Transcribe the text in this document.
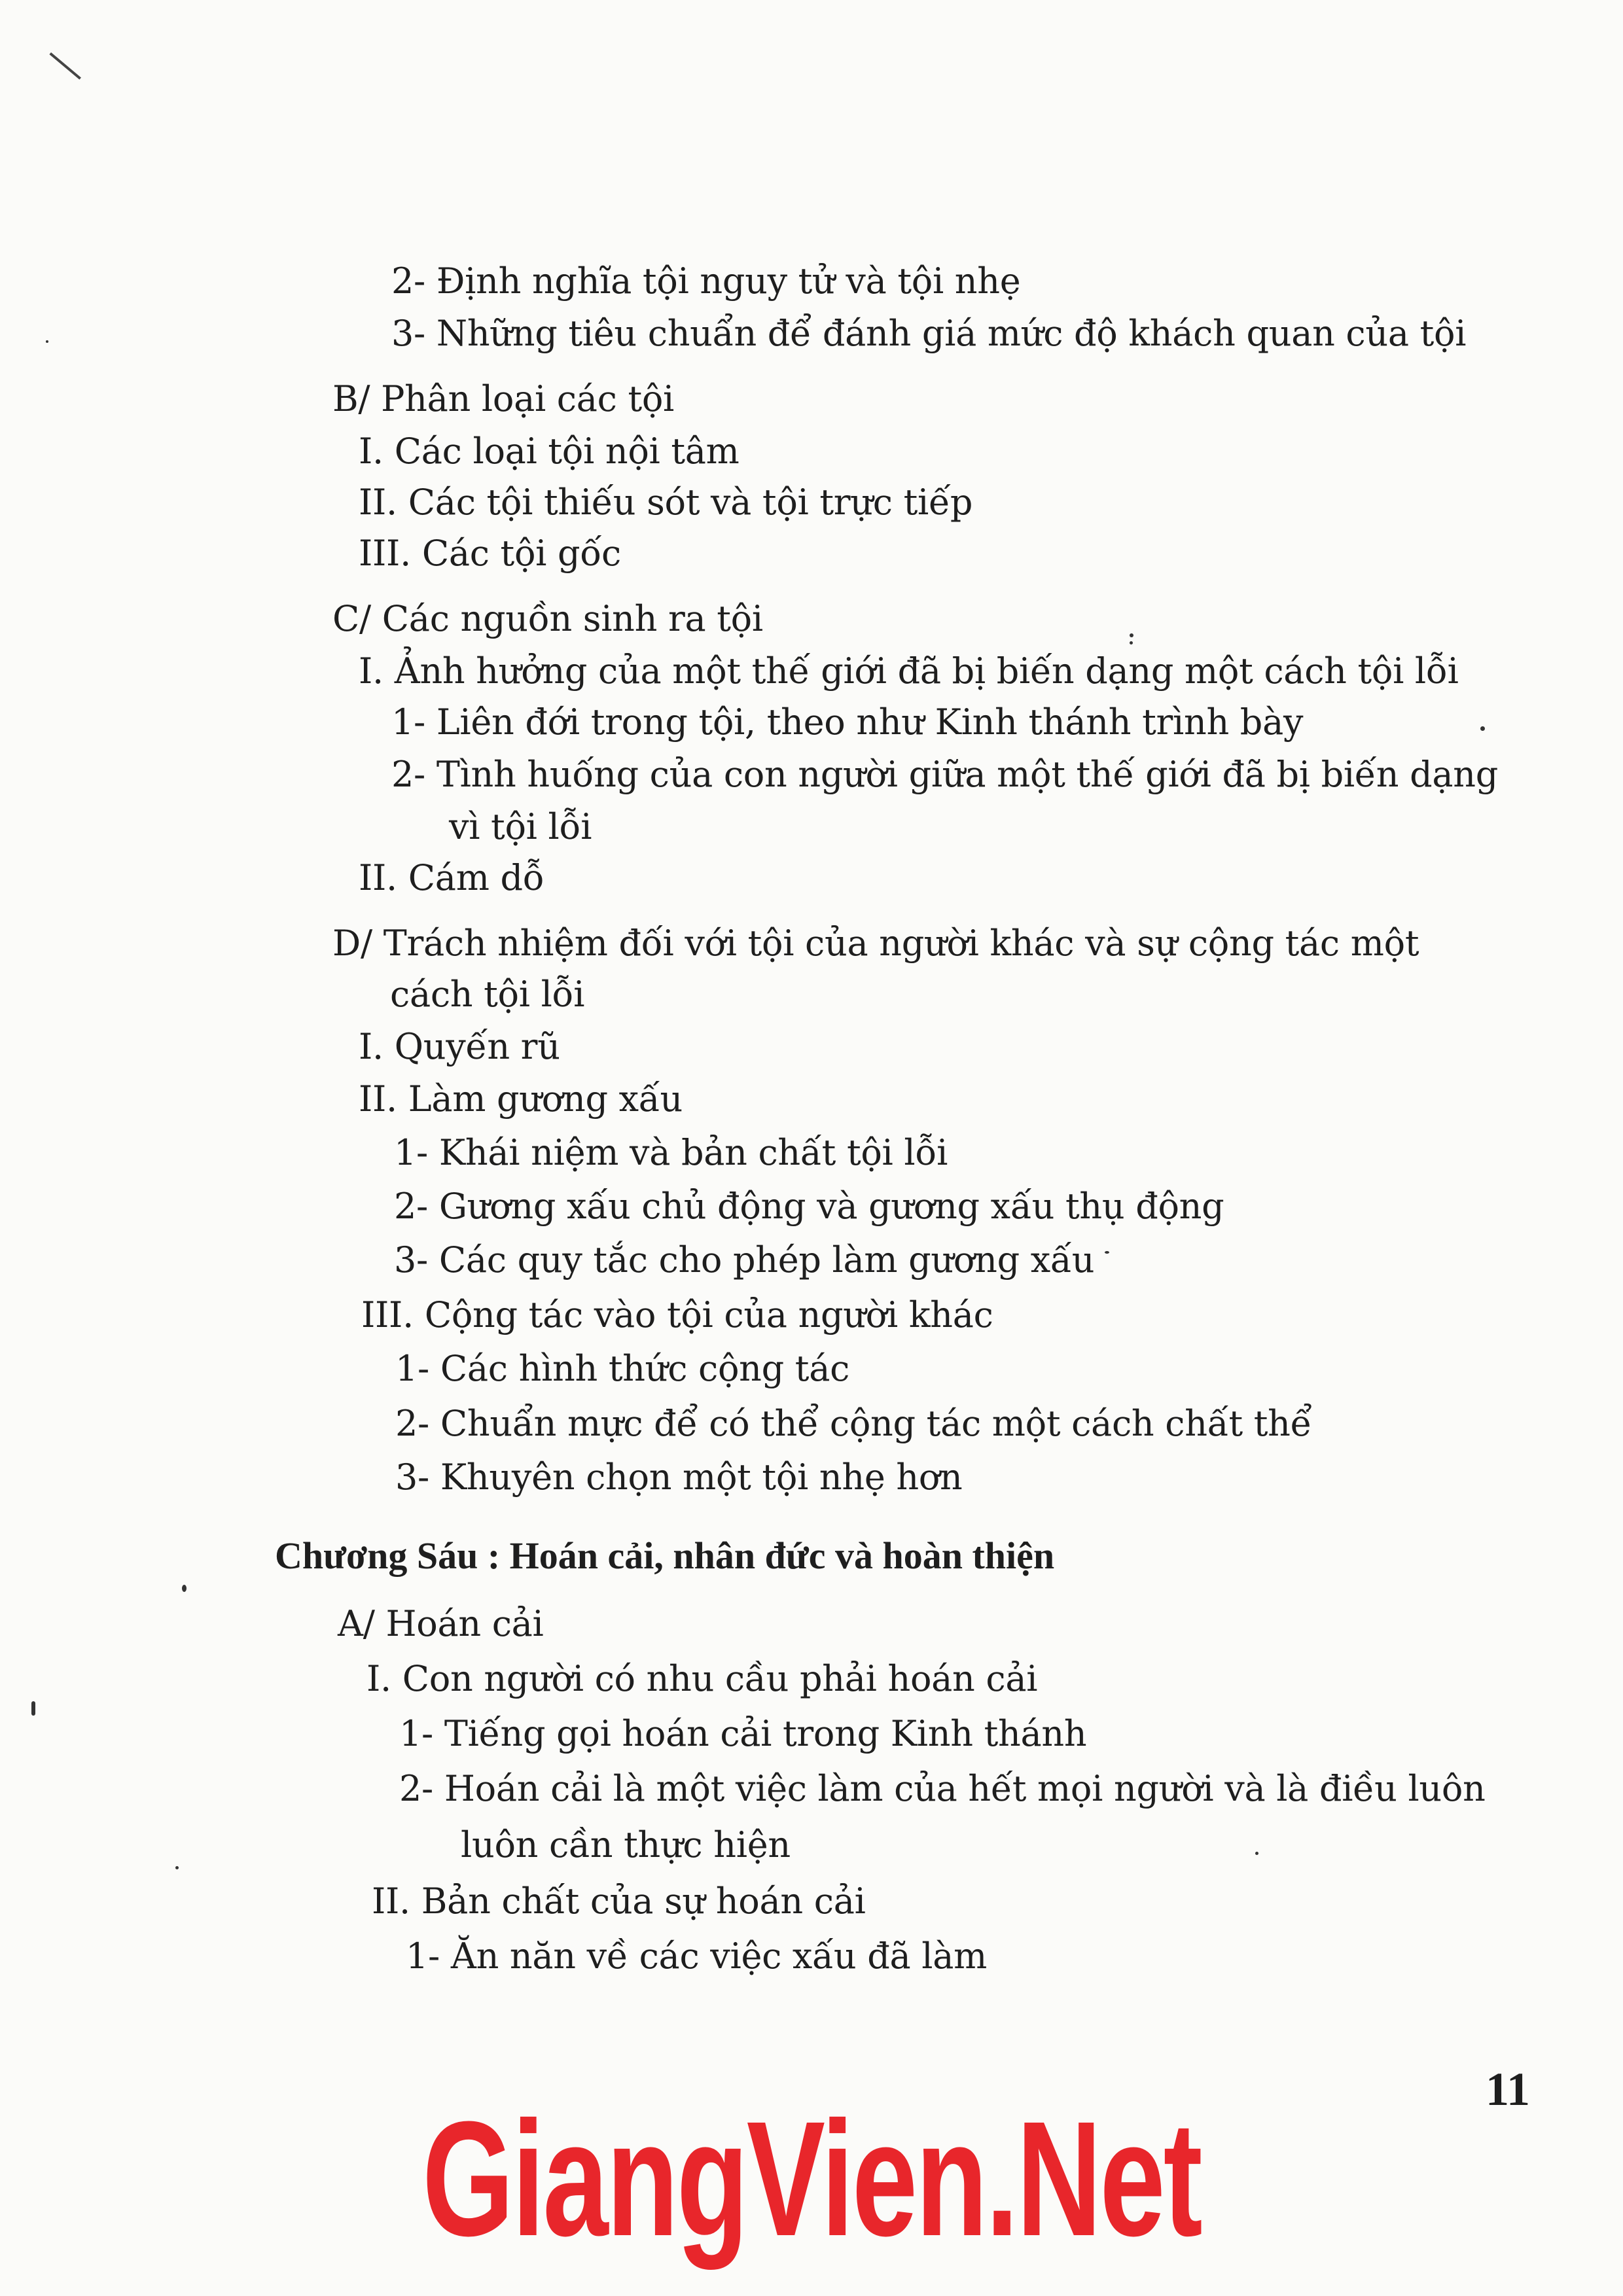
2- Định nghĩa tội nguy tử và tội nhẹ
3- Những tiêu chuẩn để đánh giá mức độ khách quan của tội
B/ Phân loại các tội
I. Các loại tội nội tâm
II. Các tội thiếu sót và tội trực tiếp
III. Các tội gốc
C/ Các nguồn sinh ra tội
I. Ảnh hưởng của một thế giới đã bị biến dạng một cách tội lỗi
1- Liên đới trong tội, theo như Kinh thánh trình bày
2- Tình huống của con người giữa một thế giới đã bị biến dạng
vì tội lỗi
II. Cám dỗ
D/ Trách nhiệm đối với tội của người khác và sự cộng tác một
cách tội lỗi
I. Quyến rũ
II. Làm gương xấu
1- Khái niệm và bản chất tội lỗi
2- Gương xấu chủ động và gương xấu thụ động
3- Các quy tắc cho phép làm gương xấu
III. Cộng tác vào tội của người khác
1- Các hình thức cộng tác
2- Chuẩn mực để có thể cộng tác một cách chất thể
3- Khuyên chọn một tội nhẹ hơn
Chương Sáu : Hoán cải, nhân đức và hoàn thiện
A/ Hoán cải
I. Con người có nhu cầu phải hoán cải
1- Tiếng gọi hoán cải trong Kinh thánh
2- Hoán cải là một việc làm của hết mọi người và là điều luôn
luôn cần thực hiện
II. Bản chất của sự hoán cải
1- Ăn năn về các việc xấu đã làm
11
GiangVien.Net
